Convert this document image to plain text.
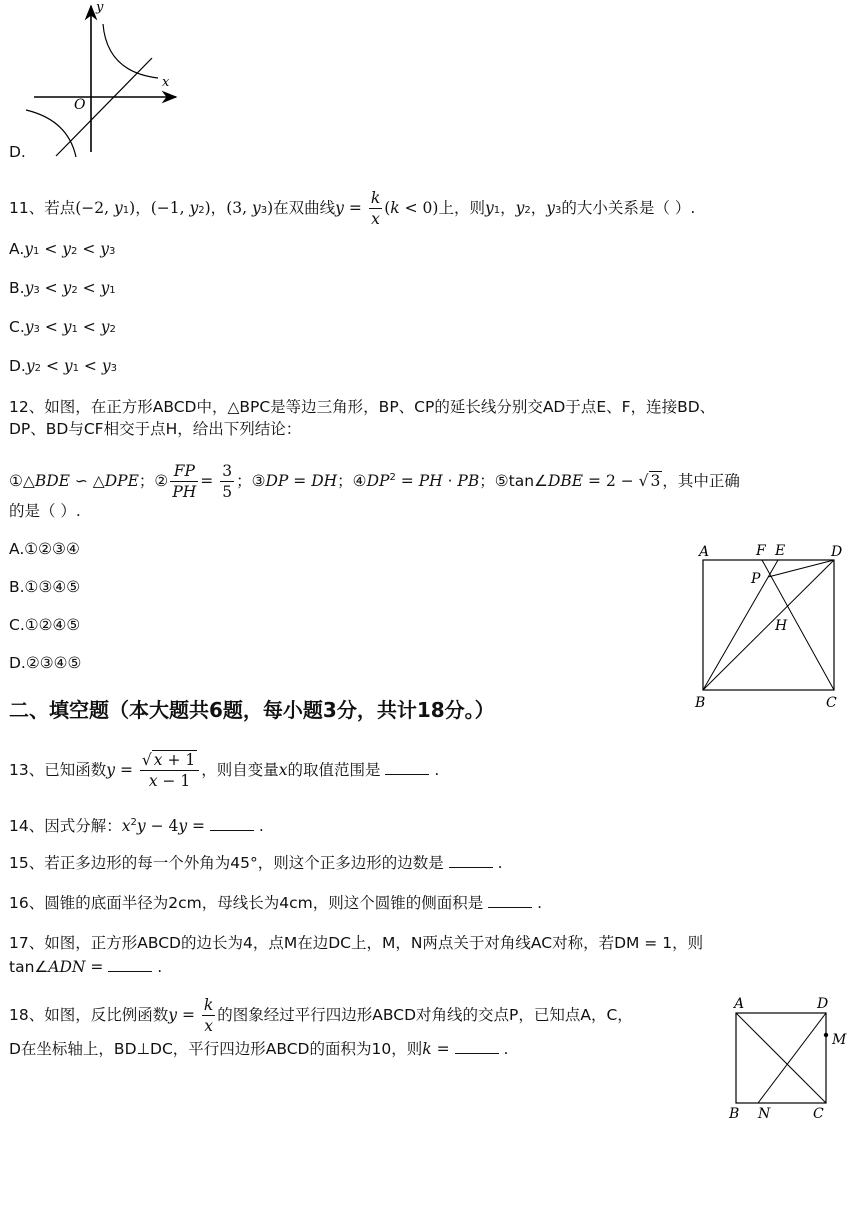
y
x
O
D.
11、若点(−2, y1)，(−1, y2)，(3, y3)在双曲线$y = \frac{k}{x} (k < 0)$上，则y1，y2，y3的大小关系是（ ）.
A.y1 < y2 < y3
B.y3 < y2 < y1
C.y3 < y1 < y2
D.y2 < y1 < y3
12、如图，在正方形ABCD中，△BPC是等边三角形，BP、CP的延长线分别交AD于点E、F，连接BD、
DP、BD与CF相交于点H，给出下列结论：
①△BDE ∽ △DPE；② $\frac{FP}{PH} = \frac{3}{5}$ ；③DP = DH；$④DP^2$ = PH · PB；⑤tan∠DBE = 2 − √ 3 ，其中正确
的是（ ）.
A.①②③④
B.①③④⑤
C.①②④⑤
D.②③④⑤
A	F E	D
P
H
B	C
二、填空题（本大题共6题，每小题3分，共计18分。）
13、已知函数$y = \frac{√ x + 1}{x - 1}$ ，则自变量x的取值范围是	.
14、因式分解：$x^2y - 4y$ =	.
15、若正多边形的每一个外角为45°，则这个正多边形的边数是	.
16、圆锥的底面半径为2cm，母线长为4cm，则这个圆锥的侧面积是	.
17、如图，正方形ABCD的边长为4，点M在边DC上，M，N两点关于对角线AC对称，若DM = 1，则
tan∠ADN =	.
18、如图，反比例函数$y = \frac{k}{x}$ 的图象经过平行四边形ABCD对角线的交点P，已知点A，C，
D在坐标轴上，BD⊥DC，平行四边形ABCD的面积为10，则k =	.
A	D
M
B N	C
